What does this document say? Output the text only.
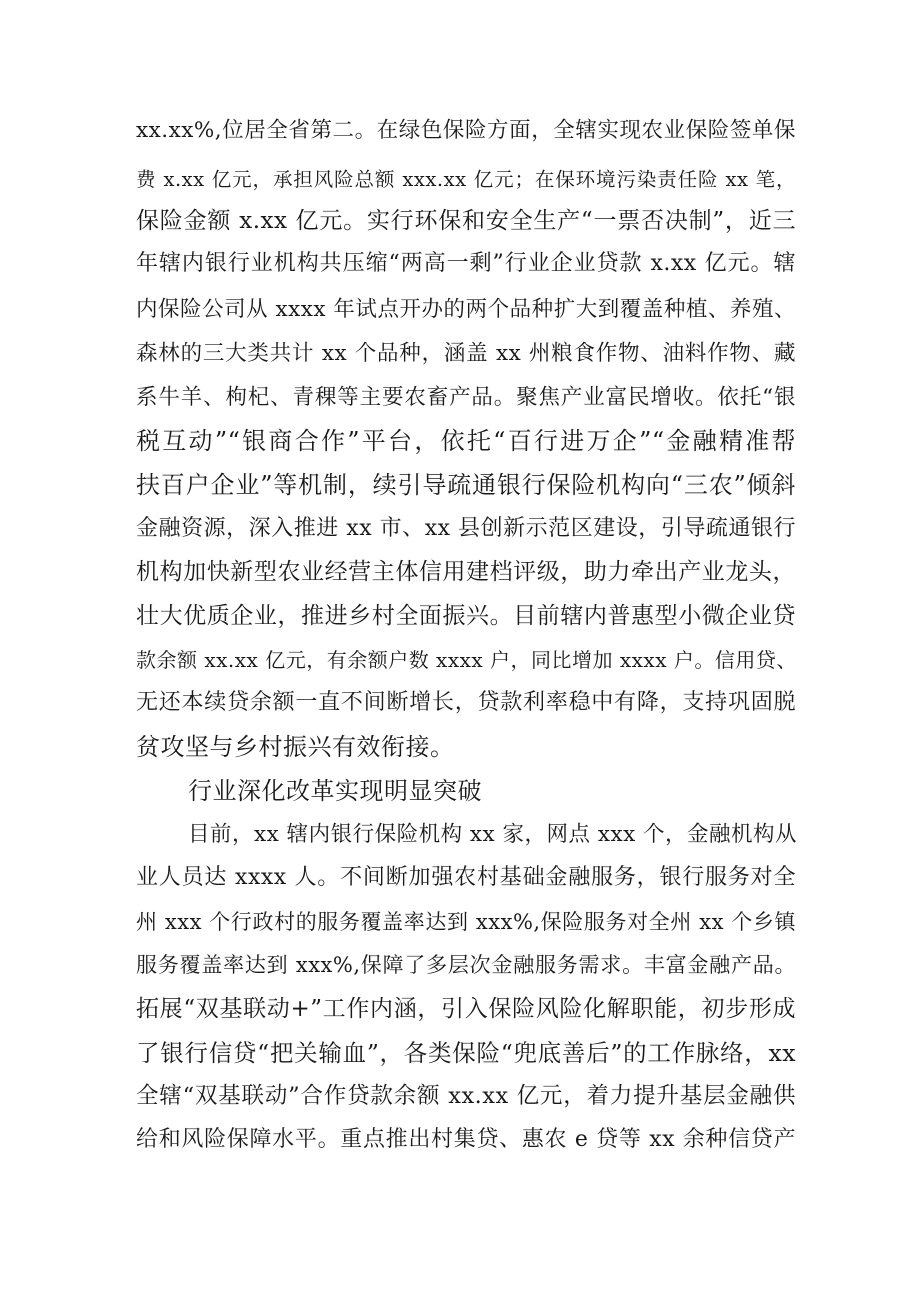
xx.xx%,位居全省第二。在绿色保险方面，全辖实现农业保险签单保
费 x.xx 亿元，承担风险总额 xxx.xx 亿元；在保环境污染责任险 xx 笔，
保险金额 x.xx 亿元。实行环保和安全生产“一票否决制”，近三
年辖内银行业机构共压缩“两高一剩”行业企业贷款 x.xx 亿元。辖
内保险公司从 xxxx 年试点开办的两个品种扩大到覆盖种植、养殖、
森林的三大类共计 xx 个品种，涵盖 xx 州粮食作物、油料作物、藏
系牛羊、枸杞、青稞等主要农畜产品。聚焦产业富民增收。依托“银
税互动”“银商合作”平台，依托“百行进万企”“金融精准帮
扶百户企业”等机制，续引导疏通银行保险机构向“三农”倾斜
金融资源，深入推进 xx 市、xx 县创新示范区建设，引导疏通银行
机构加快新型农业经营主体信用建档评级，助力牵出产业龙头，
壮大优质企业，推进乡村全面振兴。目前辖内普惠型小微企业贷
款余额 xx.xx 亿元，有余额户数 xxxx 户，同比增加 xxxx 户。信用贷、
无还本续贷余额一直不间断增长，贷款利率稳中有降，支持巩固脱
贫攻坚与乡村振兴有效衔接。
行业深化改革实现明显突破
目前，xx 辖内银行保险机构 xx 家，网点 xxx 个，金融机构从
业人员达 xxxx 人。不间断加强农村基础金融服务，银行服务对全
州 xxx 个行政村的服务覆盖率达到 xxx%,保险服务对全州 xx 个乡镇
服务覆盖率达到 xxx%,保障了多层次金融服务需求。丰富金融产品。
拓展“双基联动+”工作内涵，引入保险风险化解职能，初步形成
了银行信贷“把关输血”，各类保险“兜底善后”的工作脉络，xx
全辖“双基联动”合作贷款余额 xx.xx 亿元，着力提升基层金融供
给和风险保障水平。重点推出村集贷、惠农 e 贷等 xx 余种信贷产
